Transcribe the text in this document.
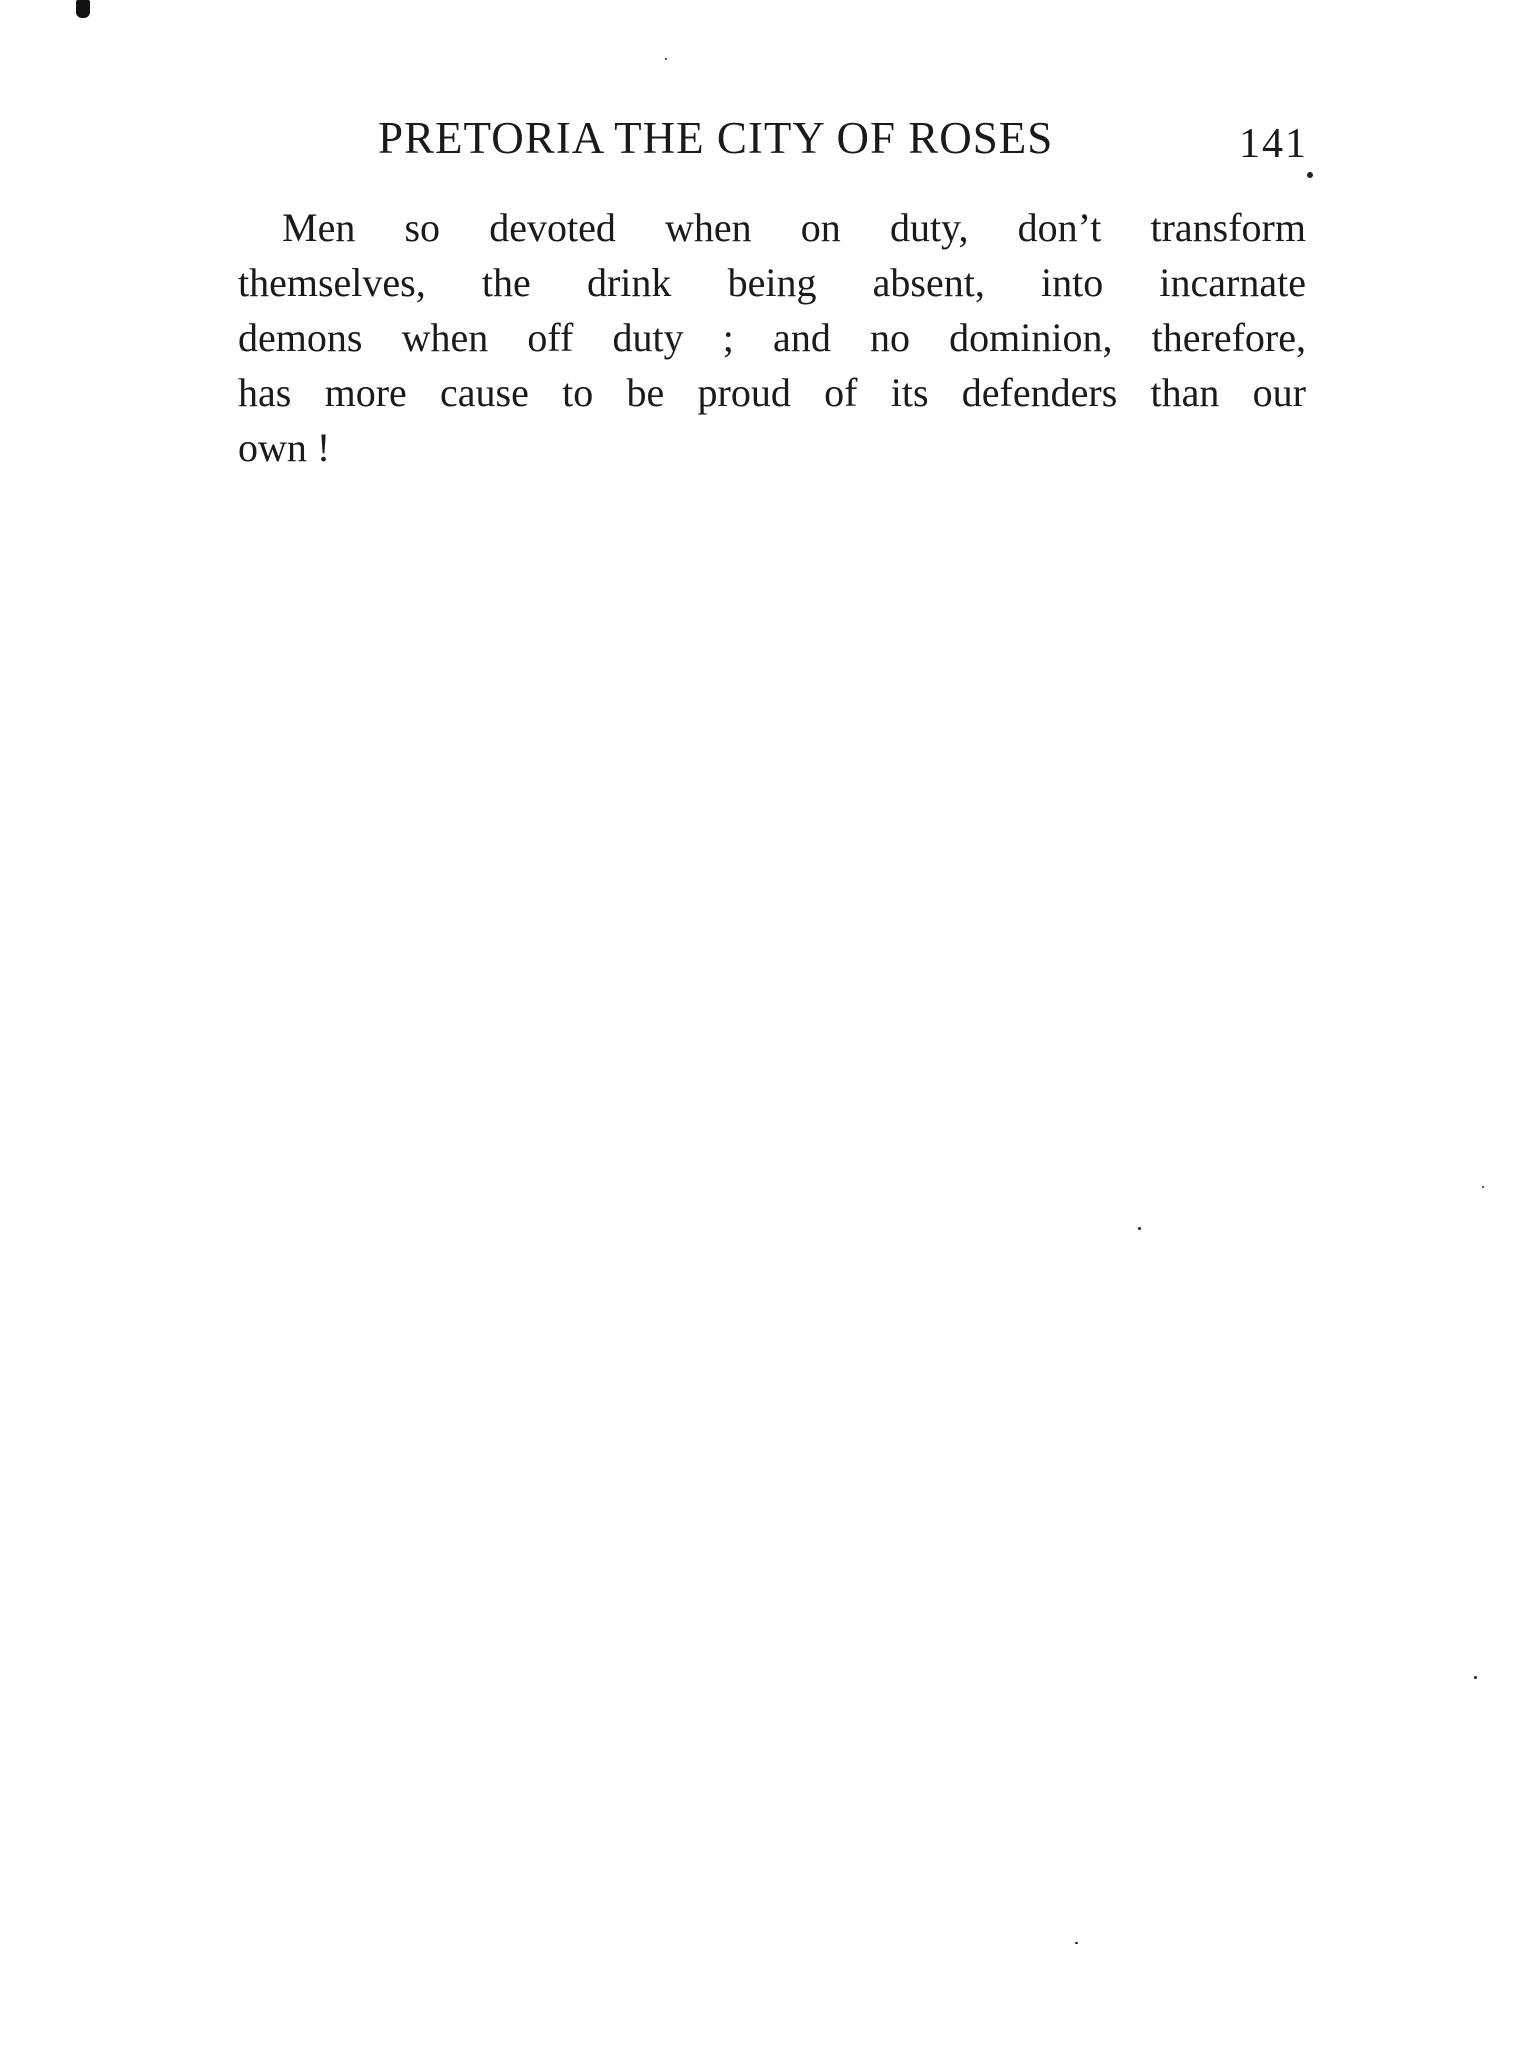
PRETORIA THE CITY OF ROSES	141
Men so devoted when on duty, don’t transform
themselves, the drink being absent, into incarnate
demons when off duty ; and no dominion, therefore,
has more cause to be proud of its defenders than our
own !
